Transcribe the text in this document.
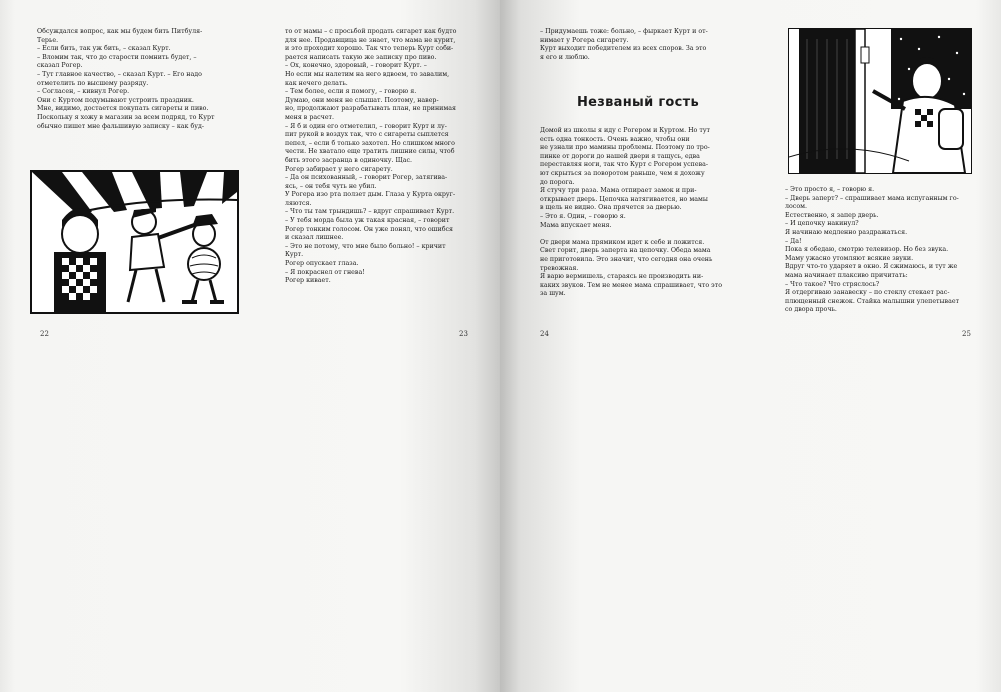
Обсуждался вопрос, как мы будем бить Питбуля-

Терье.

– Если бить, так уж бить, – сказал Курт.

– Вломим так, что до старости помнить будет, –

сказал Рогер.

– Тут главное качество, – сказал Курт. – Его надо

отметелить по высшему разряду.

– Согласен, – кивнул Рогер.

Они с Куртом подумывают устроить праздник.

Мне, видимо, достается покупать сигареты и пиво.

Поскольку я хожу в магазин за всем подряд, то Курт

обычно пишет мне фальшивую записку – как буд-

то от мамы – с просьбой продать сигарет как будто

для нее. Продавщица не знает, что мама не курит,

и это проходит хорошо. Так что теперь Курт соби-

рается написать такую же записку про пиво.

– Ох, конечно, здоровый, – говорит Курт. –

Но если мы налетим на него вдвоем, то завалим,

как нечего делать.

– Тем более, если я помогу, – говорю я.

Думаю, они меня не слышат. Поэтому, навер-

но, продолжают разрабатывать план, не принимая

меня в расчет.

– Я б и один его отметелил, – говорит Курт и лу-

пит рукой в воздух так, что с сигареты сыплется

пепел, – если б только захотел. Но слишком много

чести. Не хватало еще тратить лишние силы, чтоб

бить этого засранца в одиночку. Щас.

Рогер забирает у него сигарету.

– Да он психованный, – говорит Рогер, затягива-

ясь, – он тебя чуть не убил.

У Рогера изо рта ползет дым. Глаза у Курта округ-

ляются.

– Что ты там трындишь? – вдруг спрашивает Курт.

– У тебя морда была уж такая красная, – говорит

Рогер тонким голосом. Он уже понял, что ошибся

и сказал лишнее.

– Это не потому, что мне было больно! – кричит

Курт.

Рогер опускает глаза.

– Я покраснел от гнева!

Рогер кивает.

22	23

– Придумаешь тоже: больно, – фыркает Курт и от-

нимает у Рогера сигарету.

Курт выходит победителем из всех споров. За это

я его и люблю.

Незваный гость

Домой из школы я иду с Рогером и Куртом. Но тут

есть одна тонкость. Очень важно, чтобы они

не узнали про мамины проблемы. Поэтому по тро-

пинке от дороги до нашей двери я тащусь, едва

переставляя ноги, так что Курт с Рогером успева-

ют скрыться за поворотом раньше, чем я дохожу

до порога.

Я стучу три раза. Мама отпирает замок и при-

открывает дверь. Цепочка натягивается, но мамы

в щель не видно. Она прячется за дверью.

– Это я. Один, – говорю я.

Мама впускает меня.

От двери мама прямиком идет к себе и ложится.

Свет горит, дверь заперта на цепочку. Обеда мама

не приготовила. Это значит, что сегодня она очень

тревожная.

Я варю вермишель, стараясь не производить ни-

каких звуков. Тем не менее мама спрашивает, что это

за шум.

– Это просто я, – говорю я.

– Дверь заперт? – спрашивает мама испуганным го-

лосом.

Естественно, я запер дверь.

– И цепочку накинул?

Я начинаю медленно раздражаться.

– Да!

Пока я обедаю, смотрю телевизор. Но без звука.

Маму ужасно утомляют всякие звуки.

Вдруг что-то ударяет в окно. Я сжимаюсь, и тут же

мама начинает плаксиво причитать:

– Что такое? Что стряслось?

Я отдергиваю занавеску – по стеклу стекает рас-

плющенный снежок. Стайка малышни улепетывает

со двора прочь.

24	25
